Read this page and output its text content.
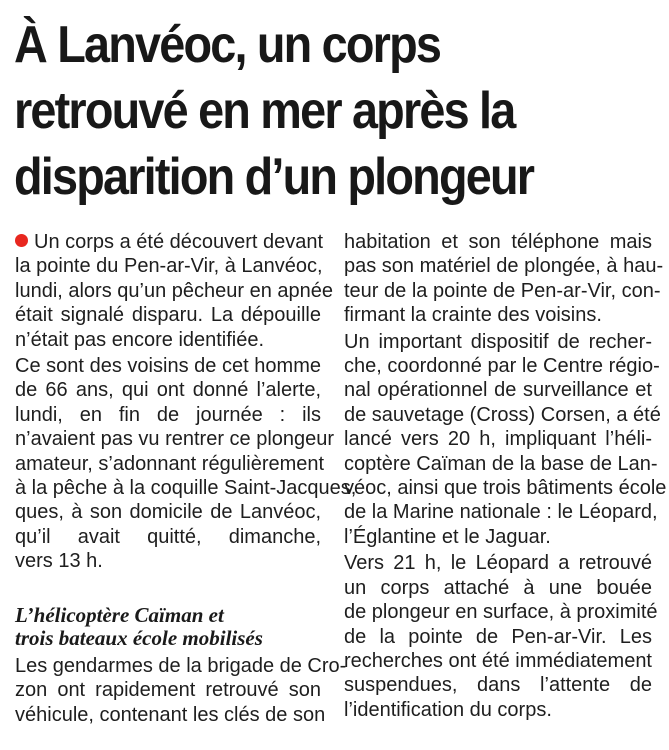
À Lanvéoc, un corps
retrouvé en mer après la
disparition d’un plongeur
Un corps a été découvert devant
la pointe du Pen-ar-Vir, à Lanvéoc,
lundi, alors qu’un pêcheur en apnée
était signalé disparu. La dépouille
n’était pas encore identifiée.
Ce sont des voisins de cet homme
de 66 ans, qui ont donné l’alerte,
lundi, en fin de journée : ils
n’avaient pas vu rentrer ce plongeur
amateur, s’adonnant régulièrement
à la pêche à la coquille Saint-Jacques,
ques, à son domicile de Lanvéoc,
qu’il avait quitté, dimanche,
vers 13 h.
L’hélicoptère Caïman et
trois bateaux école mobilisés
Les gendarmes de la brigade de Cro-
zon ont rapidement retrouvé son
véhicule, contenant les clés de son
habitation et son téléphone mais
pas son matériel de plongée, à hau-
teur de la pointe de Pen-ar-Vir, con-
firmant la crainte des voisins.
Un important dispositif de recher-
che, coordonné par le Centre régio-
nal opérationnel de surveillance et
de sauvetage (Cross) Corsen, a été
lancé vers 20 h, impliquant l’héli-
coptère Caïman de la base de Lan-
véoc, ainsi que trois bâtiments école
de la Marine nationale : le Léopard,
l’Églantine et le Jaguar.
Vers 21 h, le Léopard a retrouvé
un corps attaché à une bouée
de plongeur en surface, à proximité
de la pointe de Pen-ar-Vir. Les
recherches ont été immédiatement
suspendues, dans l’attente de
l’identification du corps.
